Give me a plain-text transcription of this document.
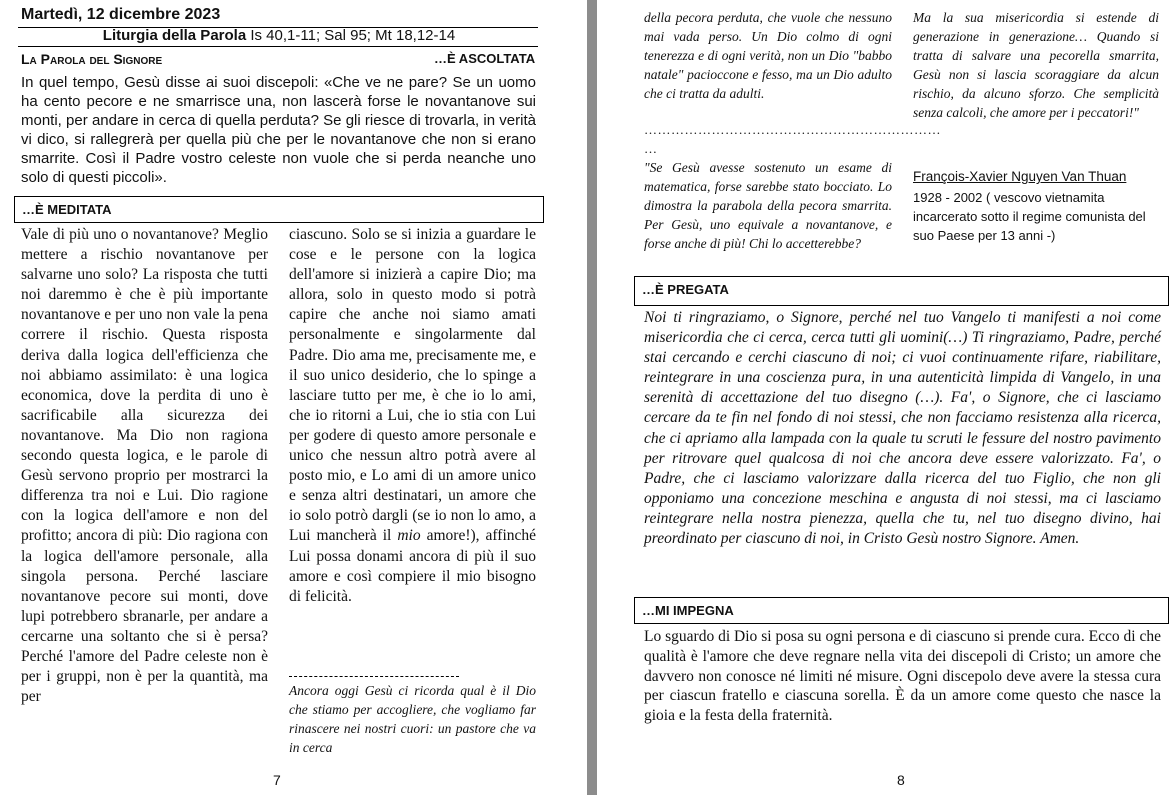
Martedì, 12 dicembre 2023
Liturgia della Parola Is 40,1-11; Sal 95; Mt 18,12-14
La Parola del Signore	…È ASCOLTATA
In quel tempo, Gesù disse ai suoi discepoli: «Che ve ne pare? Se un uomo ha cento pecore e ne smarrisce una, non lascerà forse le novantanove sui monti, per andare in cerca di quella perduta? Se gli riesce di trovarla, in verità vi dico, si rallegrerà per quella più che per le novantanove che non si erano smarrite. Così il Padre vostro celeste non vuole che si perda neanche uno solo di questi piccoli».
…È MEDITATA
Vale di più uno o novantanove? Meglio mettere a rischio novantanove per salvarne uno solo? La risposta che tutti noi daremmo è che è più importante novantanove e per uno non vale la pena correre il rischio. Questa risposta deriva dalla logica dell'efficienza che noi abbiamo assimilato: è una logica economica, dove la perdita di uno è sacrificabile alla sicurezza dei novantanove. Ma Dio non ragiona secondo questa logica, e le parole di Gesù servono proprio per mostrarci la differenza tra noi e Lui. Dio ragione con la logica dell'amore e non del profitto; ancora di più: Dio ragiona con la logica dell'amore personale, alla singola persona. Perché lasciare novantanove pecore sui monti, dove lupi potrebbero sbranarle, per andare a cercarne una soltanto che si è persa? Perché l'amore del Padre celeste non è per i gruppi, non è per la quantità, ma per
ciascuno. Solo se si inizia a guardare le cose e le persone con la logica dell'amore si inizierà a capire Dio; ma allora, solo in questo modo si potrà capire che anche noi siamo amati personalmente e singolarmente dal Padre. Dio ama me, precisamente me, e il suo unico desiderio, che lo spinge a lasciare tutto per me, è che io lo ami, che io ritorni a Lui, che io stia con Lui per godere di questo amore personale e unico che nessun altro potrà avere al posto mio, e Lo ami di un amore unico e senza altri destinatari, un amore che io solo potrò dargli (se io non lo amo, a Lui mancherà il mio amore!), affinché Lui possa donami ancora di più il suo amore e così compiere il mio bisogno di felicità.
Ancora oggi Gesù ci ricorda qual è il Dio che stiamo per accogliere, che vogliamo far rinascere nei nostri cuori: un pastore che va in cerca
7
della pecora perduta, che vuole che nessuno mai vada perso. Un Dio colmo di ogni tenerezza e di ogni verità, non un Dio "babbo natale" pacioccone e fesso, ma un Dio adulto che ci tratta da adulti.
…………………………………………………………
…
"Se Gesù avesse sostenuto un esame di matematica, forse sarebbe stato bocciato. Lo dimostra la parabola della pecora smarrita. Per Gesù, uno equivale a novantanove, e forse anche di più! Chi lo accetterebbe?
Ma la sua misericordia si estende di generazione in generazione… Quando si tratta di salvare una pecorella smarrita, Gesù non si lascia scoraggiare da alcun rischio, da alcuno sforzo. Che semplicità senza calcoli, che amore per i peccatori!"
François-Xavier Nguyen Van Thuan
1928 - 2002 ( vescovo vietnamita incarcerato sotto il regime comunista del suo Paese per 13 anni -)
…È PREGATA
Noi ti ringraziamo, o Signore, perché nel tuo Vangelo ti manifesti a noi come misericordia che ci cerca, cerca tutti gli uomini(…) Ti ringraziamo, Padre, perché stai cercando e cerchi ciascuno di noi; ci vuoi continuamente rifare, riabilitare, reintegrare in una coscienza pura, in una autenticità limpida di Vangelo, in una serenità di accettazione del tuo disegno (…). Fa', o Signore, che ci lasciamo cercare da te fin nel fondo di noi stessi, che non facciamo resistenza alla ricerca, che ci apriamo alla lampada con la quale tu scruti le fessure del nostro pavimento per ritrovare quel qualcosa di noi che ancora deve essere valorizzato. Fa', o Padre, che ci lasciamo valorizzare dalla ricerca del tuo Figlio, che non gli opponiamo una concezione meschina e angusta di noi stessi, ma ci lasciamo reintegrare nella nostra pienezza, quella che tu, nel tuo disegno divino, hai preordinato per ciascuno di noi, in Cristo Gesù nostro Signore. Amen.
…MI IMPEGNA
Lo sguardo di Dio si posa su ogni persona e di ciascuno si prende cura. Ecco di che qualità è l'amore che deve regnare nella vita dei discepoli di Cristo; un amore che davvero non conosce né limiti né misure. Ogni discepolo deve avere la stessa cura per ciascun fratello e ciascuna sorella. È da un amore come questo che nasce la gioia e la festa della fraternità.
8
